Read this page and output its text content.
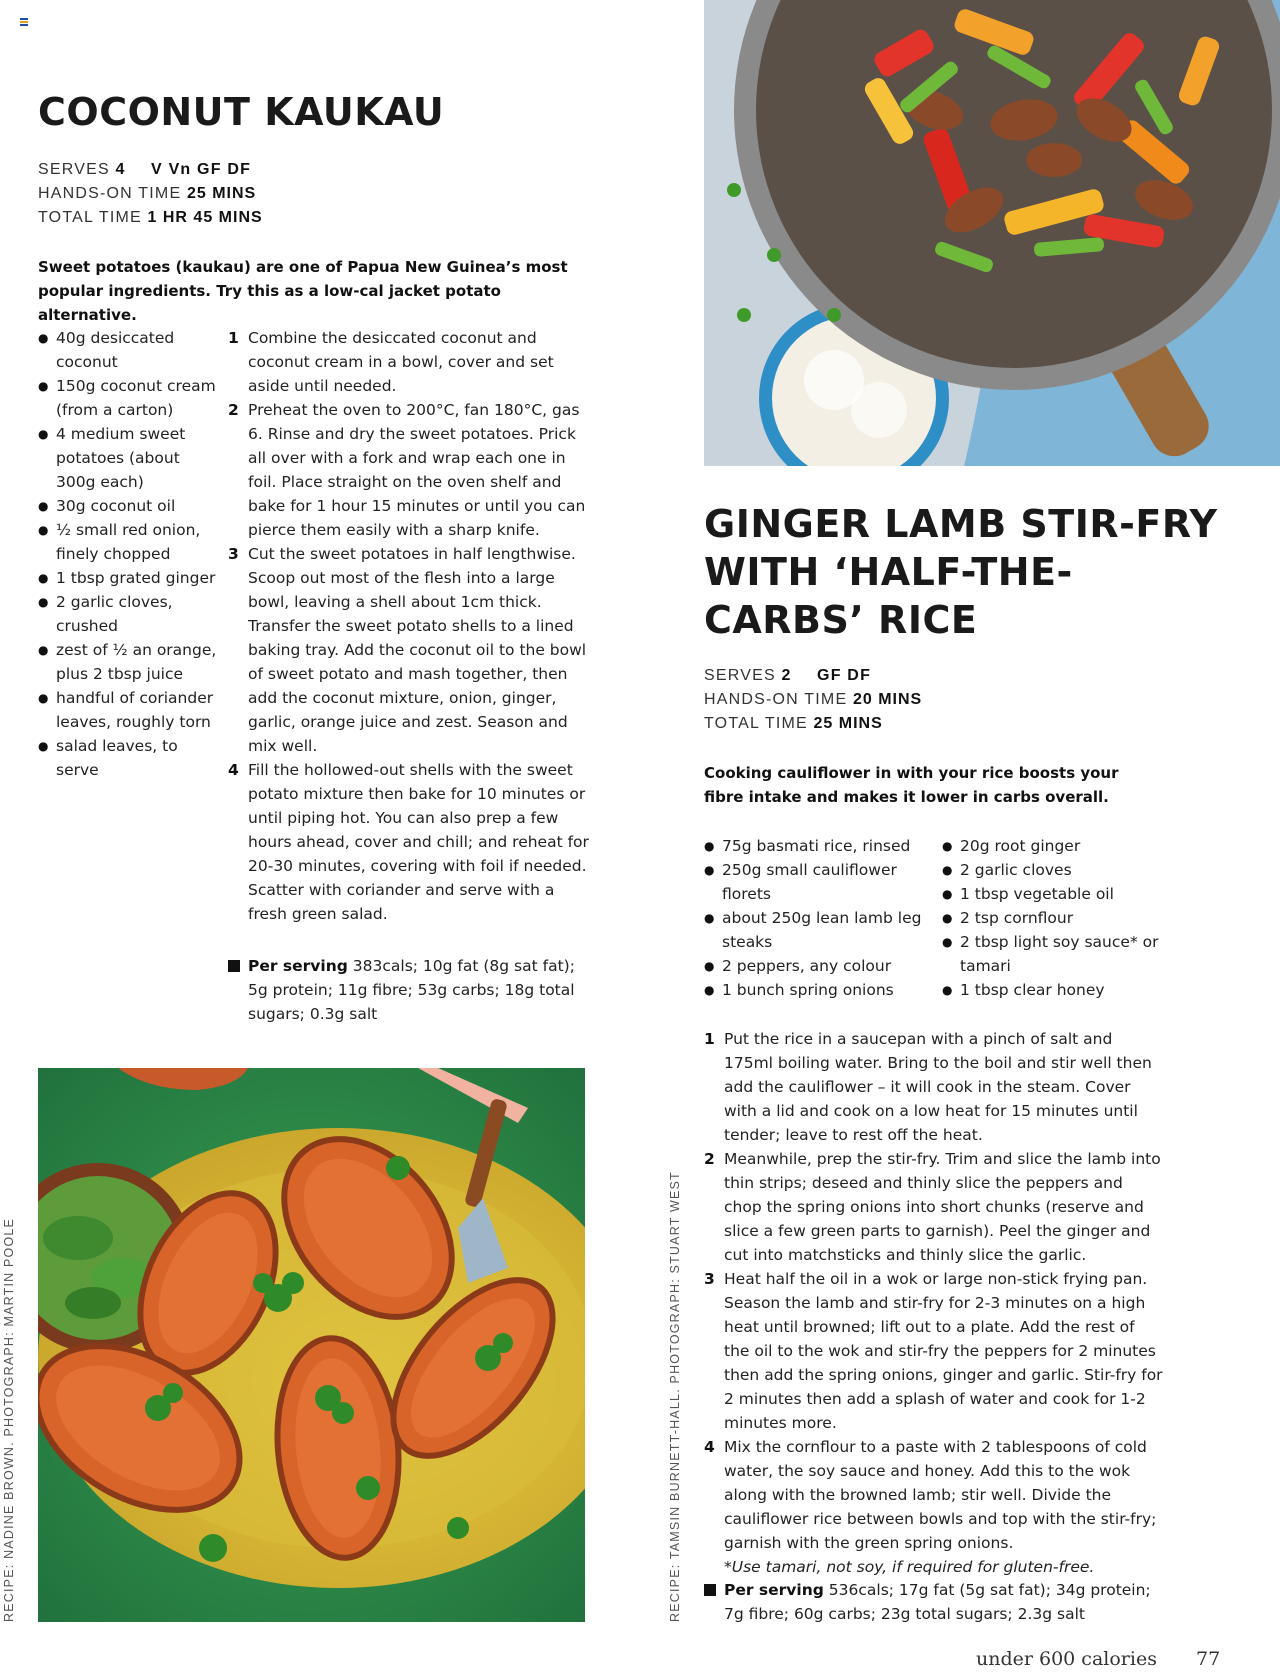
COCONUT KAUKAU
SERVES 4 V Vn GF DF
HANDS-ON TIME 25 MINS
TOTAL TIME 1 HR 45 MINS

Sweet potatoes (kaukau) are one of Papua New Guinea’s most popular ingredients. Try this as a low-cal jacket potato alternative.

● 40g desiccated coconut
● 150g coconut cream (from a carton)
● 4 medium sweet potatoes (about 300g each)
● 30g coconut oil
● ½ small red onion, finely chopped
● 1 tbsp grated ginger
● 2 garlic cloves, crushed
● zest of ½ an orange, plus 2 tbsp juice
● handful of coriander leaves, roughly torn
● salad leaves, to serve
1 Combine the desiccated coconut and coconut cream in a bowl, cover and set aside until needed.
2 Preheat the oven to 200°C, fan 180°C, gas 6. Rinse and dry the sweet potatoes. Prick all over with a fork and wrap each one in foil. Place straight on the oven shelf and bake for 1 hour 15 minutes or until you can pierce them easily with a sharp knife.
3 Cut the sweet potatoes in half lengthwise. Scoop out most of the flesh into a large bowl, leaving a shell about 1cm thick. Transfer the sweet potato shells to a lined baking tray. Add the coconut oil to the bowl of sweet potato and mash together, then add the coconut mixture, onion, ginger, garlic, orange juice and zest. Season and mix well.
4 Fill the hollowed-out shells with the sweet potato mixture then bake for 10 minutes or until piping hot. You can also prep a few hours ahead, cover and chill; and reheat for 20-30 minutes, covering with foil if needed. Scatter with coriander and serve with a fresh green salad.
Per serving 383cals; 10g fat (8g sat fat); 5g protein; 11g fibre; 53g carbs; 18g total sugars; 0.3g salt
RECIPE: NADINE BROWN. PHOTOGRAPH: MARTIN POOLE
GINGER LAMB STIR-FRY WITH ‘HALF-THE-CARBS’ RICE
SERVES 2 GF DF
HANDS-ON TIME 20 MINS
TOTAL TIME 25 MINS

Cooking cauliflower in with your rice boosts your fibre intake and makes it lower in carbs overall.

● 75g basmati rice, rinsed
● 250g small cauliflower florets
● about 250g lean lamb leg steaks
● 2 peppers, any colour
● 1 bunch spring onions
● 20g root ginger
● 2 garlic cloves
● 1 tbsp vegetable oil
● 2 tsp cornflour
● 2 tbsp light soy sauce* or tamari
● 1 tbsp clear honey
1 Put the rice in a saucepan with a pinch of salt and 175ml boiling water. Bring to the boil and stir well then add the cauliflower – it will cook in the steam. Cover with a lid and cook on a low heat for 15 minutes until tender; leave to rest off the heat.
2 Meanwhile, prep the stir-fry. Trim and slice the lamb into thin strips; deseed and thinly slice the peppers and chop the spring onions into short chunks (reserve and slice a few green parts to garnish). Peel the ginger and cut into matchsticks and thinly slice the garlic.
3 Heat half the oil in a wok or large non-stick frying pan. Season the lamb and stir-fry for 2-3 minutes on a high heat until browned; lift out to a plate. Add the rest of the oil to the wok and stir-fry the peppers for 2 minutes then add the spring onions, ginger and garlic. Stir-fry for 2 minutes then add a splash of water and cook for 1-2 minutes more.
4 Mix the cornflour to a paste with 2 tablespoons of cold water, the soy sauce and honey. Add this to the wok along with the browned lamb; stir well. Divide the cauliflower rice between bowls and top with the stir-fry; garnish with the green spring onions.
*Use tamari, not soy, if required for gluten-free.
Per serving 536cals; 17g fat (5g sat fat); 34g protein; 7g fibre; 60g carbs; 23g total sugars; 2.3g salt
RECIPE: TAMSIN BURNETT-HALL. PHOTOGRAPH: STUART WEST
under 600 calories 77
